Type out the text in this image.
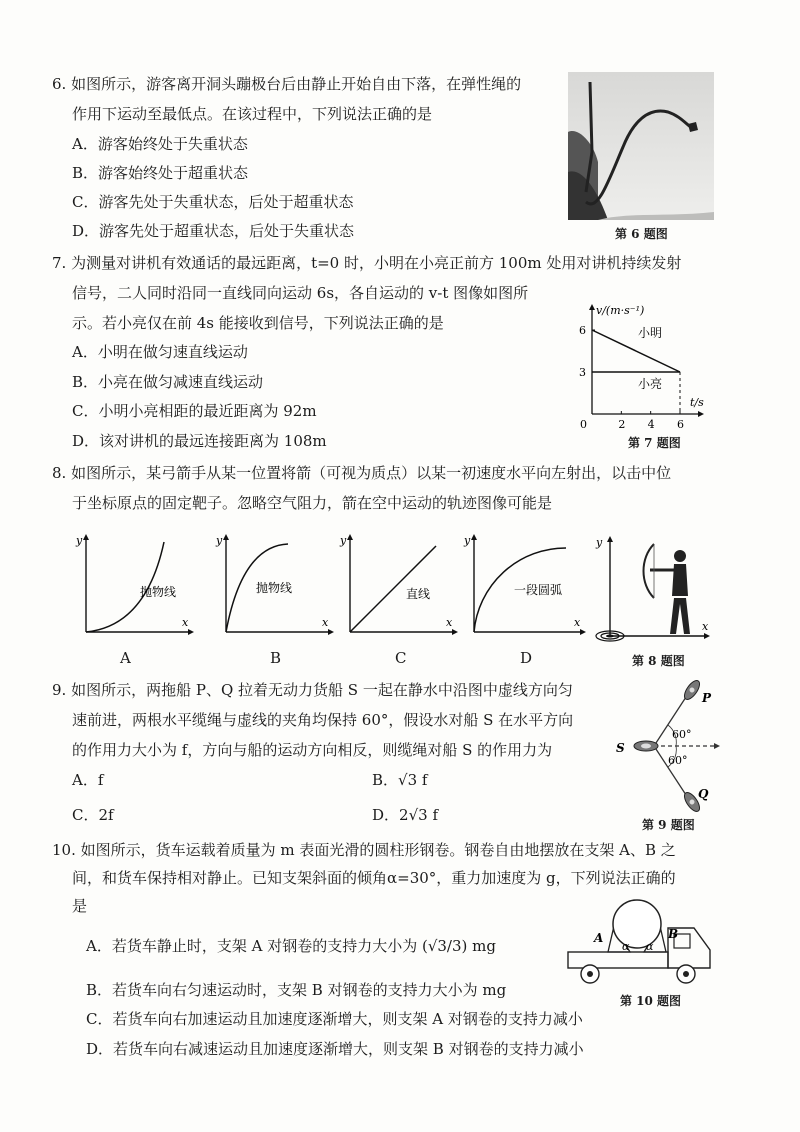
6. 如图所示，游客离开洞头蹦极台后由静止开始自由下落，在弹性绳的
作用下运动至最低点。在该过程中，下列说法正确的是
A．游客始终处于失重状态
B．游客始终处于超重状态
C．游客先处于失重状态，后处于超重状态
D．游客先处于超重状态，后处于失重状态	第 6 题图
7. 为测量对讲机有效通话的最远距离，t=0 时，小明在小亮正前方 100m 处用对讲机持续发射
信号，二人同时沿同一直线同向运动 6s，各自运动的 v-t 图像如图所
示。若小亮仅在前 4s 能接收到信号，下列说法正确的是
A．小明在做匀速直线运动
B．小亮在做匀减速直线运动
C．小明小亮相距的最近距离为 92m
D．该对讲机的最远连接距离为 108m
v/(m·s⁻¹)
t/s
0	2 4 6
3
6	小明
小亮
第 7 题图
8. 如图所示，某弓箭手从某一位置将箭（可视为质点）以某一初速度水平向左射出，以击中位
于坐标原点的固定靶子。忽略空气阻力，箭在空中运动的轨迹图像可能是
y
x
抛物线
A
y
x
抛物线
B
y
x
直线
C
y
x
一段圆弧
D
y
x
第 8 题图
9. 如图所示，两拖船 P、Q 拉着无动力货船 S 一起在静水中沿图中虚线方向匀
速前进，两根水平缆绳与虚线的夹角均保持 60°，假设水对船 S 在水平方向
的作用力大小为 f，方向与船的运动方向相反，则缆绳对船 S 的作用力为
A．f	B．√3 f
C．2f	D．2√3 f
60°
60°
P
Q
S
第 9 题图
10. 如图所示，货车运载着质量为 m 表面光滑的圆柱形钢卷。钢卷自由地摆放在支架 A、B 之
间，和货车保持相对静止。已知支架斜面的倾角α=30°，重力加速度为 g，下列说法正确的
是
A．若货车静止时，支架 A 对钢卷的支持力大小为 (√3/3) mg
B．若货车向右匀速运动时，支架 B 对钢卷的支持力大小为 mg
C．若货车向右加速运动且加速度逐渐增大，则支架 A 对钢卷的支持力减小
D．若货车向右减速运动且加速度逐渐增大，则支架 B 对钢卷的支持力减小
A	B
α α
第 10 题图
